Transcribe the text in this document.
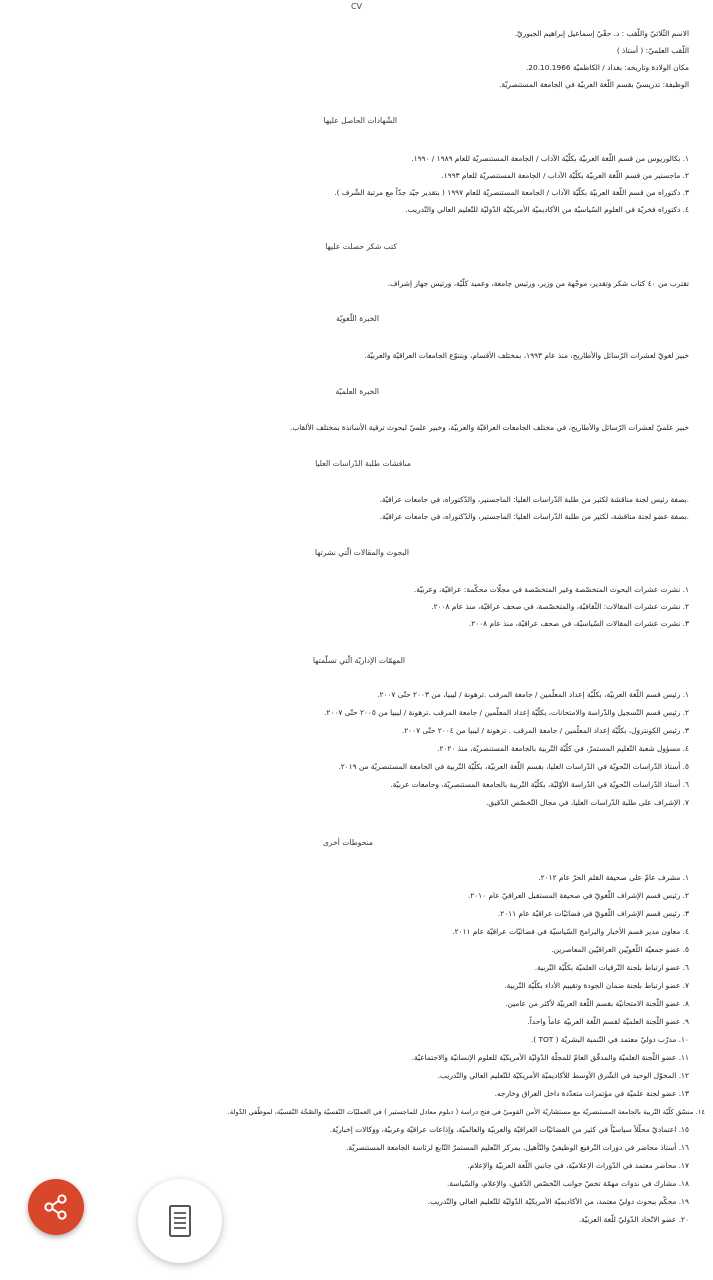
CV
الاسم الثّلاثيّ واللّقب : د. حقّيّ إسماعيل إبراهيم الجبوريّ.
اللّقب العلميّ: ( أستاذ )
مكان الولادة وتاريخه: بغداد / الكاظميّة 20.10.1966.
الوظيفة: تدريسيّ بقسم اللّغة العربيّة في الجامعة المستنصريّة.
الشّهادات الحاصل عليها
١. بكالوريوس من قسم اللّغة العربيّة بكلّيّة الآداب / الجامعة المستنصريّة للعام ١٩٨٩ / ١٩٩٠.
٢. ماجستير من قسم اللّغة العربيّة بكلّيّة الآداب / الجامعة المستنصريّة للعام ١٩٩٣.
٣. دكتوراه من قسم اللّغة العربيّة بكلّيّة الآداب / الجامعة المستنصريّة للعام ١٩٩٧ ( بتقدير جيّد جدّاً مع مرتبة الشّرف ).
٤. دكتوراه فخريّة في العلوم السّياسيّة من الأكاديميّة الأمريكيّة الدّوليّة للتّعليم العالي والتّدريب.
كتب شكر حصلت عليها
تقترب من ٤٠ كتاب شكر وتقدير، موجّهة من وزير، ورئيس جامعة، وعميد كلّيّة، ورئيس جهاز إشراف.
الخبرة اللّغويّة
خبير لغويّ لعشرات الرّسائل والأطاريح، منذ عام ١٩٩٣، بمختلف الأقسام، وبتنوّع الجامعات العراقيّة والعربيّة.
الخبرة العلميّة
خبير علميّ لعشرات الرّسائل والأطاريح، في مختلف الجامعات العراقيّة والعربيّة، وخبير علميّ لبحوث ترقية الأساتذة بمختلف الألقاب.
مناقشات طلبة الدّراسات العليا
.بصفة رئيس لجنة مناقشة لكثير من طلبة الدّراسات العليا: الماجستير، والدّكتوراه، في جامعات عراقيّة.
.بصفة عضو لجنة مناقشة، لكثير من طلبة الدّراسات العليا: الماجستير، والدّكتوراه، في جامعات عراقيّة.
البحوث والمقالات الّتي نشرتها
١. نشرت عشرات البحوث المتخصّصة وغير المتخصّصة في مجلّات محكّمة: عراقيّة، وعربيّة.
٢. نشرت عشرات المقالات: الثّقافيّة، والمتخصّصة، في صحف عراقيّة، منذ عام ٢٠٠٨.
٣. نشرت عشرات المقالات السّياسيّة، في صحف عراقيّة، منذ عام ٢٠٠٨.
المهمّات الإداريّة الّتي تسلّمتها
١. رئيس قسم اللّغة العربيّة، بكلّيّة إعداد المعلّمين / جامعة المرقب .ترهونة / ليبيا، من ٢٠٠٣ حتّى ٢٠٠٧.
٢. رئيس قسم التّسجيل والدّراسة والامتحانات، بكلّيّة إعداد المعلّمين / جامعة المرقب .ترهونة / ليبيا من ٢٠٠٥ حتّى ٢٠٠٧.
٣. رئيس الكونترول، بكلّيّة إعداد المعلّمين / جامعة المرقب . ترهونة / ليبيا من ٢٠٠٤ حتّى ٢٠٠٧.
٤. مسؤول شعبة التّعليم المستمرّ، في كلّيّة التّربية بالجامعة المستنصريّة، منذ ٢٠٢٠.
٥. أستاذ الدّراسات النّحويّة في الدّراسات العليا، بقسم اللّغة العربيّة، بكلّيّة التّربية في الجامعة المستنصريّة من ٢٠١٩.
٦. أستاذ الدّراسات النّحويّة في الدّراسة الأوّليّة، بكلّيّة التّربية بالجامعة المستنصريّة، وجامعات عربيّة.
٧. الإشراف على طلبة الدّراسات العليا، في مجال التّخصّص الدّقيق.
منحوطات أخرى
١. مشرف عامّ على صحيفة القلم الحرّ عام ٢٠١٢.
٢. رئيس قسم الإشراف اللّغويّ في صحيفة المستقبل العراقيّ عام ٢٠١٠.
٣. رئيس قسم الإشراف اللّغويّ في فضائيّات عراقيّة عام ٢٠١١.
٤. معاون مدير قسم الأخبار والبرامج السّياسيّة في فضائيّات عراقيّة عام ٢٠١١.
٥. عضو جمعيّة اللّغويّين العراقيّين المعاصرين.
٦. عضو ارتباط بلجنة التّرقيات العلميّة بكلّيّة التّربية.
٧. عضو ارتباط بلجنة ضمان الجودة وتقييم الأداء بكلّيّة التّربية.
٨. عضو اللّجنة الامتحانيّة بقسم اللّغة العربيّة لأكثر من عامين.
٩. عضو اللّجنة العلميّة لقسم اللّغة العربيّة عاماً واحداً.
١٠. مدرّب دوليّ معتمد في التّنمية البشريّة ( TOT ).
١١. عضو اللّجنة العلميّة والمدقّق العامّ للمجلّة الدّوليّة الأمريكيّة للعلوم الإنسانيّة والاجتماعيّة.
١٢. المخوّل الوحيد في الشّرق الأوسط للأكاديميّة الأمريكيّة للتّعليم العالي والتّدريب.
١٣. عضو لجنة علميّة في مؤتمرات متعدّدة داخل العراق وخارجه.
١٤. منسّق كلّيّة التّربية بالجامعة المستنصريّة مع مستشاريّة الأمن القوميّ في فتح دراسة ( دبلوم معادل للماجستير ) في العمليّات النّفسيّة والصّحّة النّفسيّة، لموظّفي الدّولة.
١٥. اعتماديّ محلّلاً سياسيّاً في كثير من الفضائيّات العراقيّة والعربيّة والعالميّة، وإذاعات عراقيّة وعربيّة، ووكالات إخباريّة.
١٦. أستاذ محاضر في دورات التّرفيع الوظيفيّ والتّأهيل، بمركز التّعليم المستمرّ التّابع لرئاسة الجامعة المستنصريّة.
١٧. محاضر معتمد في الدّورات الإعلاميّة، في جانبي اللّغة العربيّة والإعلام.
١٨. مشارك في ندوات مهمّة تخصّ جوانب التّخصّص الدّقيق، والإعلام، والسّياسة.
١٩. محكّم ببحوث دوليّ معتمد، من الأكاديميّة الأمريكيّة الدّوليّة للتّعليم العالي والتّدريب.
٢٠. عضو الاتّحاد الدّوليّ للّغة العربيّة.
